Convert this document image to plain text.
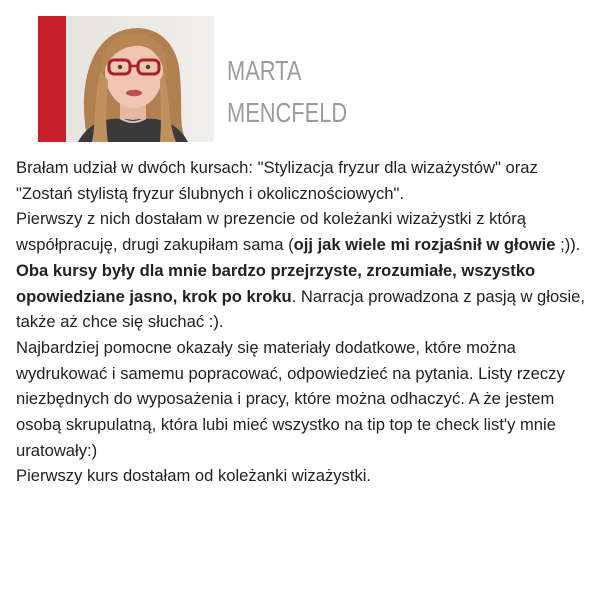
MARTA
MENCFELD
Brałam udział w dwóch kursach: "Stylizacja fryzur dla wizażystów" oraz "Zostań stylistą fryzur ślubnych i okolicznościowych".
Pierwszy z nich dostałam w prezencie od koleżanki wizażystki z którą współpracuję, drugi zakupiłam sama (ojj jak wiele mi rozjaśnił w głowie ;)).
Oba kursy były dla mnie bardzo przejrzyste, zrozumiałe, wszystko opowiedziane jasno, krok po kroku. Narracja prowadzona z pasją w głosie, także aż chce się słuchać :).
Najbardziej pomocne okazały się materiały dodatkowe, które można wydrukować i samemu popracować, odpowiedzieć na pytania. Listy rzeczy niezbędnych do wyposażenia i pracy, które można odhaczyć. A że jestem osobą skrupulatną, która lubi mieć wszystko na tip top te check list'y mnie uratowały:)
Pierwszy kurs dostałam od koleżanki wizażystki.
